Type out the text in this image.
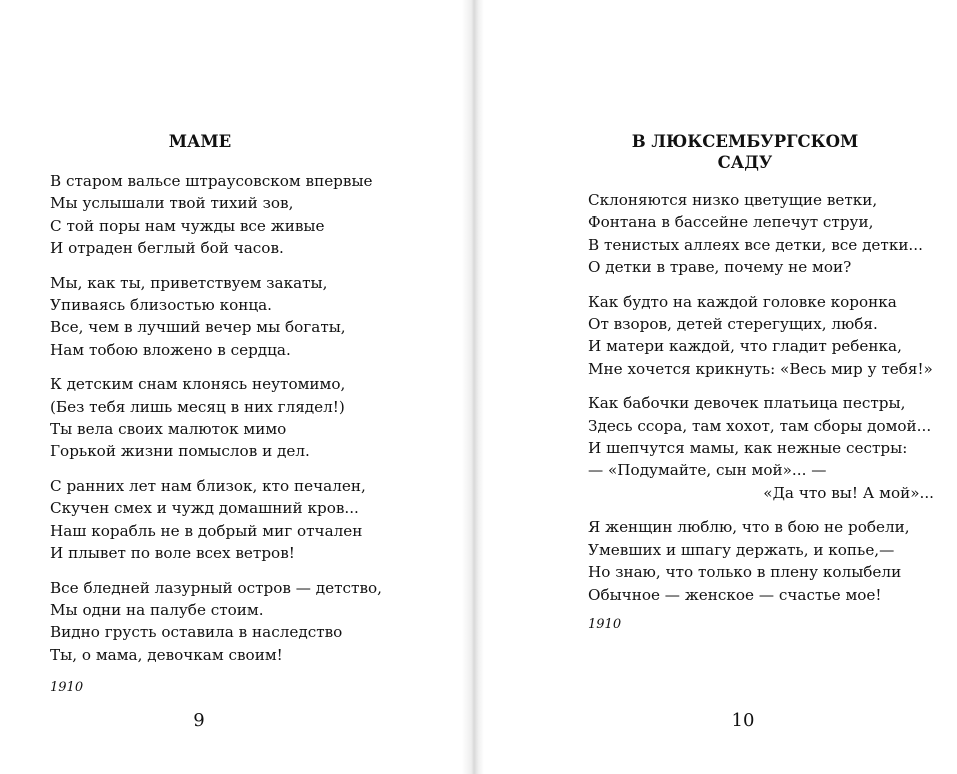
МАМЕ
В старом вальсе штраусовском впервые
Мы услышали твой тихий зов,
С той поры нам чужды все живые
И отраден беглый бой часов.
Мы, как ты, приветствуем закаты,
Упиваясь близостью конца.
Все, чем в лучший вечер мы богаты,
Нам тобою вложено в сердца.
К детским снам клонясь неутомимо,
(Без тебя лишь месяц в них глядел!)
Ты вела своих малюток мимо
Горькой жизни помыслов и дел.
С ранних лет нам близок, кто печален,
Скучен смех и чужд домашний кров...
Наш корабль не в добрый миг отчален
И плывет по воле всех ветров!
Все бледней лазурный остров — детство,
Мы одни на палубе стоим.
Видно грусть оставила в наследство
Ты, о мама, девочкам своим!
1910
9
В ЛЮКСЕМБУРГСКОМ
САДУ
Склоняются низко цветущие ветки,
Фонтана в бассейне лепечут струи,
В тенистых аллеях все детки, все детки...
О детки в траве, почему не мои?
Как будто на каждой головке коронка
От взоров, детей стерегущих, любя.
И матери каждой, что гладит ребенка,
Мне хочется крикнуть: «Весь мир у тебя!»
Как бабочки девочек платьица пестры,
Здесь ссора, там хохот, там сборы домой...
И шепчутся мамы, как нежные сестры:
— «Подумайте, сын мой»... —
«Да что вы! А мой»...
Я женщин люблю, что в бою не робели,
Умевших и шпагу держать, и копье,—
Но знаю, что только в плену колыбели
Обычное — женское — счастье мое!
1910
10
